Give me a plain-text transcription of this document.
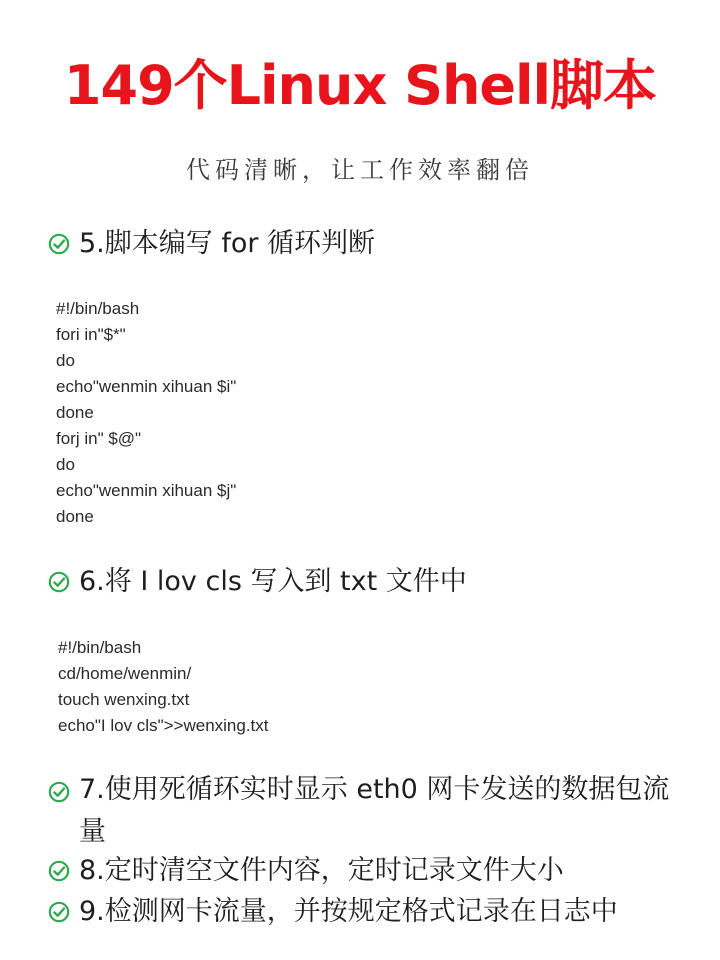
149个Linux Shell脚本
代码清晰，让工作效率翻倍
5.脚本编写 for 循环判断
#!/bin/bash
fori in"$*"
do
echo"wenmin xihuan $i"
done
forj in" $@"
do
echo"wenmin xihuan $j"
done
6.将 I lov cls 写入到 txt 文件中
#!/bin/bash
cd/home/wenmin/
touch wenxing.txt
echo"I lov cls">>wenxing.txt
7.使用死循环实时显示 eth0 网卡发送的数据包流量
8.定时清空文件内容，定时记录文件大小
9.检测网卡流量，并按规定格式记录在日志中
